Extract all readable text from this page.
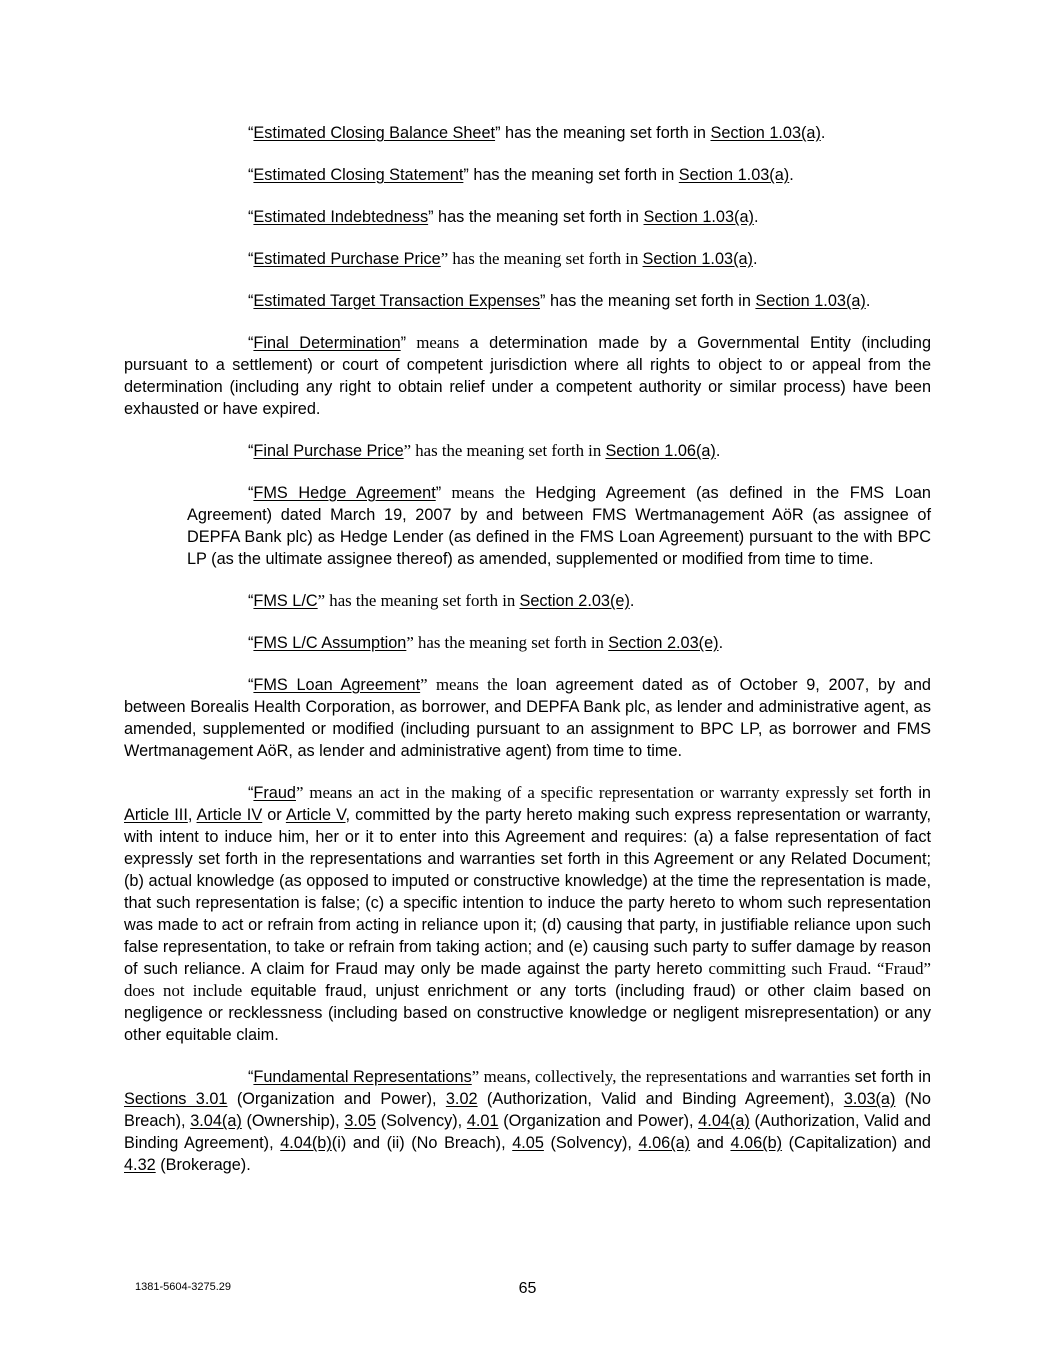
“Estimated Closing Balance Sheet” has the meaning set forth in Section 1.03(a).

“Estimated Closing Statement” has the meaning set forth in Section 1.03(a).

“Estimated Indebtedness” has the meaning set forth in Section 1.03(a).

“Estimated Purchase Price” has the meaning set forth in Section 1.03(a).

“Estimated Target Transaction Expenses” has the meaning set forth in Section 1.03(a).

“Final Determination” means a determination made by a Governmental Entity (including pursuant to a settlement) or court of competent jurisdiction where all rights to object to or appeal from the determination (including any right to obtain relief under a competent authority or similar process) have been exhausted or have expired.

“Final Purchase Price” has the meaning set forth in Section 1.06(a).

“FMS Hedge Agreement” means the Hedging Agreement (as defined in the FMS Loan Agreement) dated March 19, 2007 by and between FMS Wertmanagement AöR (as assignee of DEPFA Bank plc) as Hedge Lender (as defined in the FMS Loan Agreement) pursuant to the with BPC LP (as the ultimate assignee thereof) as amended, supplemented or modified from time to time.

“FMS L/C” has the meaning set forth in Section 2.03(e).

“FMS L/C Assumption” has the meaning set forth in Section 2.03(e).

“FMS Loan Agreement” means the loan agreement dated as of October 9, 2007, by and between Borealis Health Corporation, as borrower, and DEPFA Bank plc, as lender and administrative agent, as amended, supplemented or modified (including pursuant to an assignment to BPC LP, as borrower and FMS Wertmanagement AöR, as lender and administrative agent) from time to time.

“Fraud” means an act in the making of a specific representation or warranty expressly set forth in Article III, Article IV or Article V, committed by the party hereto making such express representation or warranty, with intent to induce him, her or it to enter into this Agreement and requires: (a) a false representation of fact expressly set forth in the representations and warranties set forth in this Agreement or any Related Document; (b) actual knowledge (as opposed to imputed or constructive knowledge) at the time the representation is made, that such representation is false; (c) a specific intention to induce the party hereto to whom such representation was made to act or refrain from acting in reliance upon it; (d) causing that party, in justifiable reliance upon such false representation, to take or refrain from taking action; and (e) causing such party to suffer damage by reason of such reliance. A claim for Fraud may only be made against the party hereto committing such Fraud. “Fraud” does not include equitable fraud, unjust enrichment or any torts (including fraud) or other claim based on negligence or recklessness (including based on constructive knowledge or negligent misrepresentation) or any other equitable claim.

“Fundamental Representations” means, collectively, the representations and warranties set forth in Sections 3.01 (Organization and Power), 3.02 (Authorization, Valid and Binding Agreement), 3.03(a) (No Breach), 3.04(a) (Ownership), 3.05 (Solvency), 4.01 (Organization and Power), 4.04(a) (Authorization, Valid and Binding Agreement), 4.04(b)(i) and (ii) (No Breach), 4.05 (Solvency), 4.06(a) and 4.06(b) (Capitalization) and 4.32 (Brokerage).

1381-5604-3275.29	65
